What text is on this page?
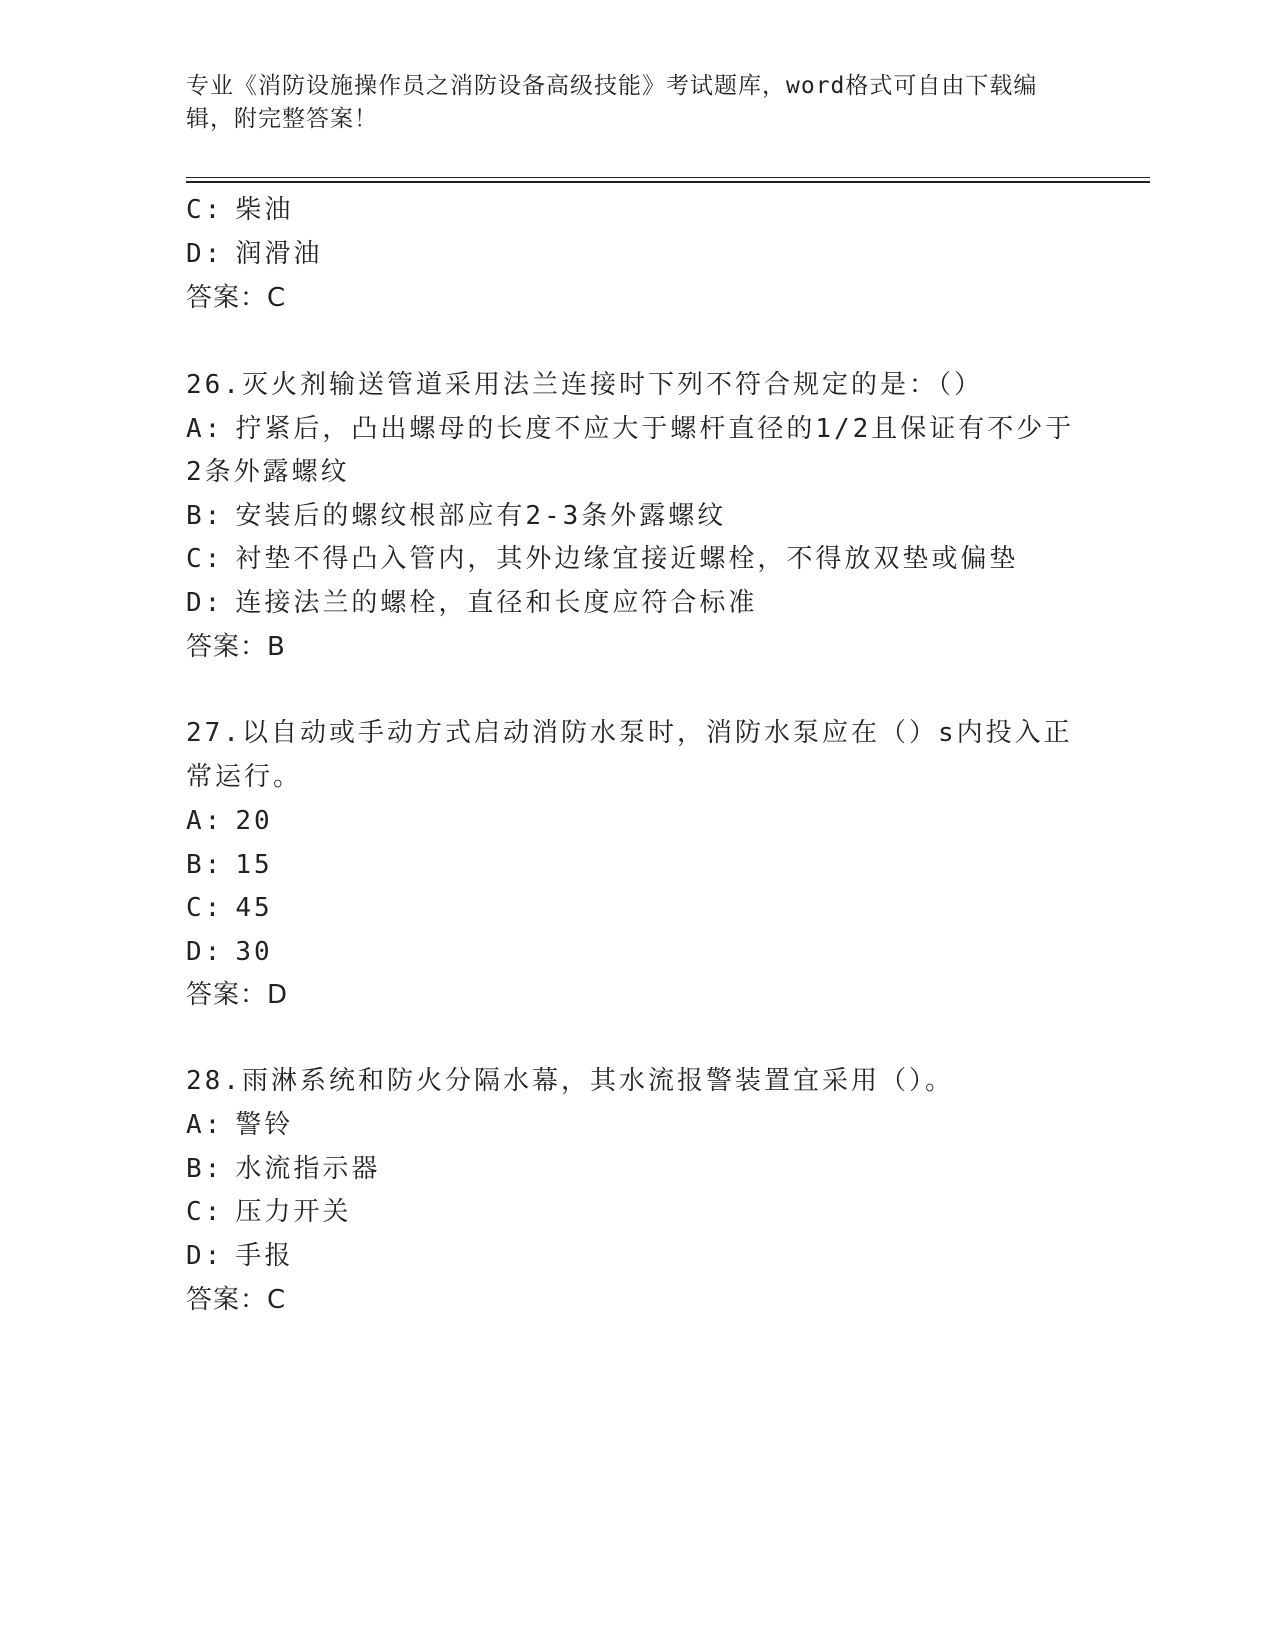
专业《消防设施操作员之消防设备高级技能》考试题库，word格式可自由下载编辑，附完整答案！
C: 柴油
D: 润滑油
答案：C
26.灭火剂输送管道采用法兰连接时下列不符合规定的是：（）
A: 拧紧后，凸出螺母的长度不应大于螺杆直径的1/2且保证有不少于
2条外露螺纹
B: 安装后的螺纹根部应有2-3条外露螺纹
C: 衬垫不得凸入管内，其外边缘宜接近螺栓，不得放双垫或偏垫
D: 连接法兰的螺栓，直径和长度应符合标准
答案：B
27.以自动或手动方式启动消防水泵时，消防水泵应在（）s内投入正
常运行。
A: 20
B: 15
C: 45
D: 30
答案：D
28.雨淋系统和防火分隔水幕，其水流报警装置宜采用（）。
A: 警铃
B: 水流指示器
C: 压力开关
D: 手报
答案：C
